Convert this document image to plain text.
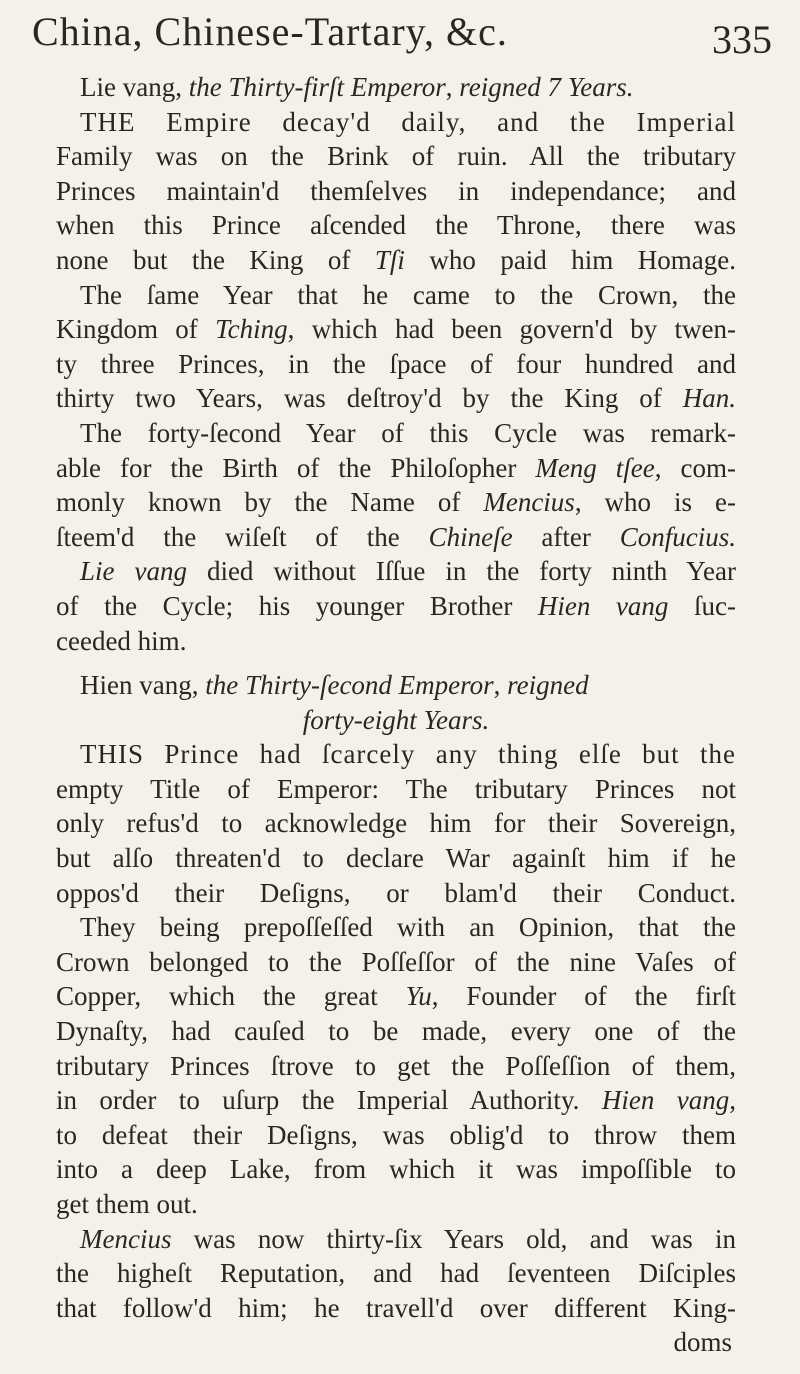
China, Chinese-Tartary, &c.	335
Lie vang, the Thirty-firſt Emperor, reigned 7 Years.
THE Empire decay'd daily, and the Imperial
Family was on the Brink of ruin. All the tributary
Princes maintain'd themſelves in independance; and
when this Prince aſcended the Throne, there was
none but the King of Tſi who paid him Homage.
The ſame Year that he came to the Crown, the
Kingdom of Tching, which had been govern'd by twen-
ty three Princes, in the ſpace of four hundred and
thirty two Years, was deſtroy'd by the King of Han.
The forty-ſecond Year of this Cycle was remark-
able for the Birth of the Philoſopher Meng tſee, com-
monly known by the Name of Mencius, who is e-
ſteem'd the wiſeſt of the Chineſe after Confucius.
Lie vang died without Iſſue in the forty ninth Year
of the Cycle; his younger Brother Hien vang ſuc-
ceeded him.
Hien vang, the Thirty-ſecond Emperor, reigned
forty-eight Years.
THIS Prince had ſcarcely any thing elſe but the
empty Title of Emperor: The tributary Princes not
only refus'd to acknowledge him for their Sovereign,
but alſo threaten'd to declare War againſt him if he
oppos'd their Deſigns, or blam'd their Conduct.
They being prepoſſeſſed with an Opinion, that the
Crown belonged to the Poſſeſſor of the nine Vaſes of
Copper, which the great Yu, Founder of the firſt
Dynaſty, had cauſed to be made, every one of the
tributary Princes ſtrove to get the Poſſeſſion of them,
in order to uſurp the Imperial Authority. Hien vang,
to defeat their Deſigns, was oblig'd to throw them
into a deep Lake, from which it was impoſſible to
get them out.
Mencius was now thirty-ſix Years old, and was in
the higheſt Reputation, and had ſeventeen Diſciples
that follow'd him; he travell'd over different King-
doms
